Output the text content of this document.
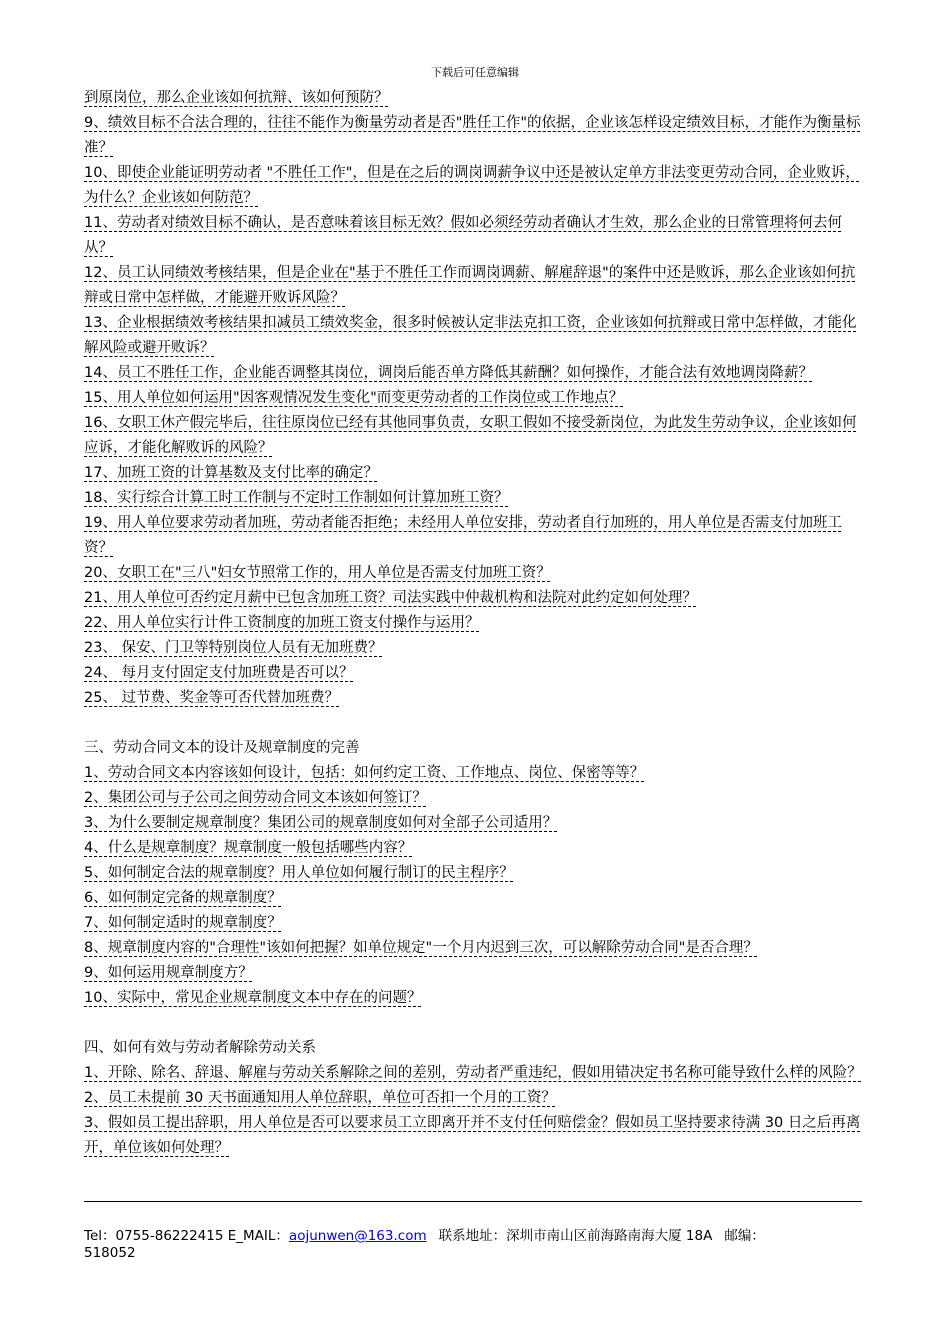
下载后可任意编辑

到原岗位，那么企业该如何抗辩、该如何预防？

9、绩效目标不合法合理的，往往不能作为衡量劳动者是否"胜任工作"的依据，企业该怎样设定绩效目标，才能作为衡量标准？

10、即使企业能证明劳动者 "不胜任工作"，但是在之后的调岗调薪争议中还是被认定单方非法变更劳动合同，企业败诉，为什么？企业该如何防范？

11、劳动者对绩效目标不确认，是否意味着该目标无效？假如必须经劳动者确认才生效，那么企业的日常管理将何去何从？

12、员工认同绩效考核结果，但是企业在"基于不胜任工作而调岗调薪、解雇辞退"的案件中还是败诉，那么企业该如何抗辩或日常中怎样做，才能避开败诉风险？

13、企业根据绩效考核结果扣减员工绩效奖金，很多时候被认定非法克扣工资，企业该如何抗辩或日常中怎样做，才能化解风险或避开败诉？

14、员工不胜任工作，企业能否调整其岗位，调岗后能否单方降低其薪酬？如何操作，才能合法有效地调岗降薪？

15、用人单位如何运用"因客观情况发生变化"而变更劳动者的工作岗位或工作地点？

16、女职工休产假完毕后，往往原岗位已经有其他同事负责，女职工假如不接受新岗位，为此发生劳动争议，企业该如何应诉，才能化解败诉的风险？

17、加班工资的计算基数及支付比率的确定？

18、实行综合计算工时工作制与不定时工作制如何计算加班工资？

19、用人单位要求劳动者加班，劳动者能否拒绝；未经用人单位安排，劳动者自行加班的，用人单位是否需支付加班工资？

20、女职工在"三八"妇女节照常工作的，用人单位是否需支付加班工资？

21、用人单位可否约定月薪中已包含加班工资？司法实践中仲裁机构和法院对此约定如何处理？

22、用人单位实行计件工资制度的加班工资支付操作与运用？

23、 保安、门卫等特别岗位人员有无加班费？

24、 每月支付固定支付加班费是否可以？

25、 过节费、奖金等可否代替加班费？

三、劳动合同文本的设计及规章制度的完善

1、劳动合同文本内容该如何设计，包括：如何约定工资、工作地点、岗位、保密等等？

2、集团公司与子公司之间劳动合同文本该如何签订？

3、为什么要制定规章制度？集团公司的规章制度如何对全部子公司适用？

4、什么是规章制度？规章制度一般包括哪些内容？

5、如何制定合法的规章制度？用人单位如何履行制订的民主程序？

6、如何制定完备的规章制度？

7、如何制定适时的规章制度？

8、规章制度内容的"合理性"该如何把握？如单位规定"一个月内迟到三次，可以解除劳动合同"是否合理？

9、如何运用规章制度方？

10、实际中，常见企业规章制度文本中存在的问题？

四、如何有效与劳动者解除劳动关系

1、开除、除名、辞退、解雇与劳动关系解除之间的差别，劳动者严重违纪，假如用错决定书名称可能导致什么样的风险？

2、员工未提前 30 天书面通知用人单位辞职，单位可否扣一个月的工资？

3、假如员工提出辞职，用人单位是否可以要求员工立即离开并不支付任何赔偿金？假如员工坚持要求待满 30 日之后再离开，单位该如何处理？

Tel：0755-86222415 E_MAIL：aojunwen@163.com 联系地址：深圳市南山区前海路南海大厦 18A 邮编：
518052
